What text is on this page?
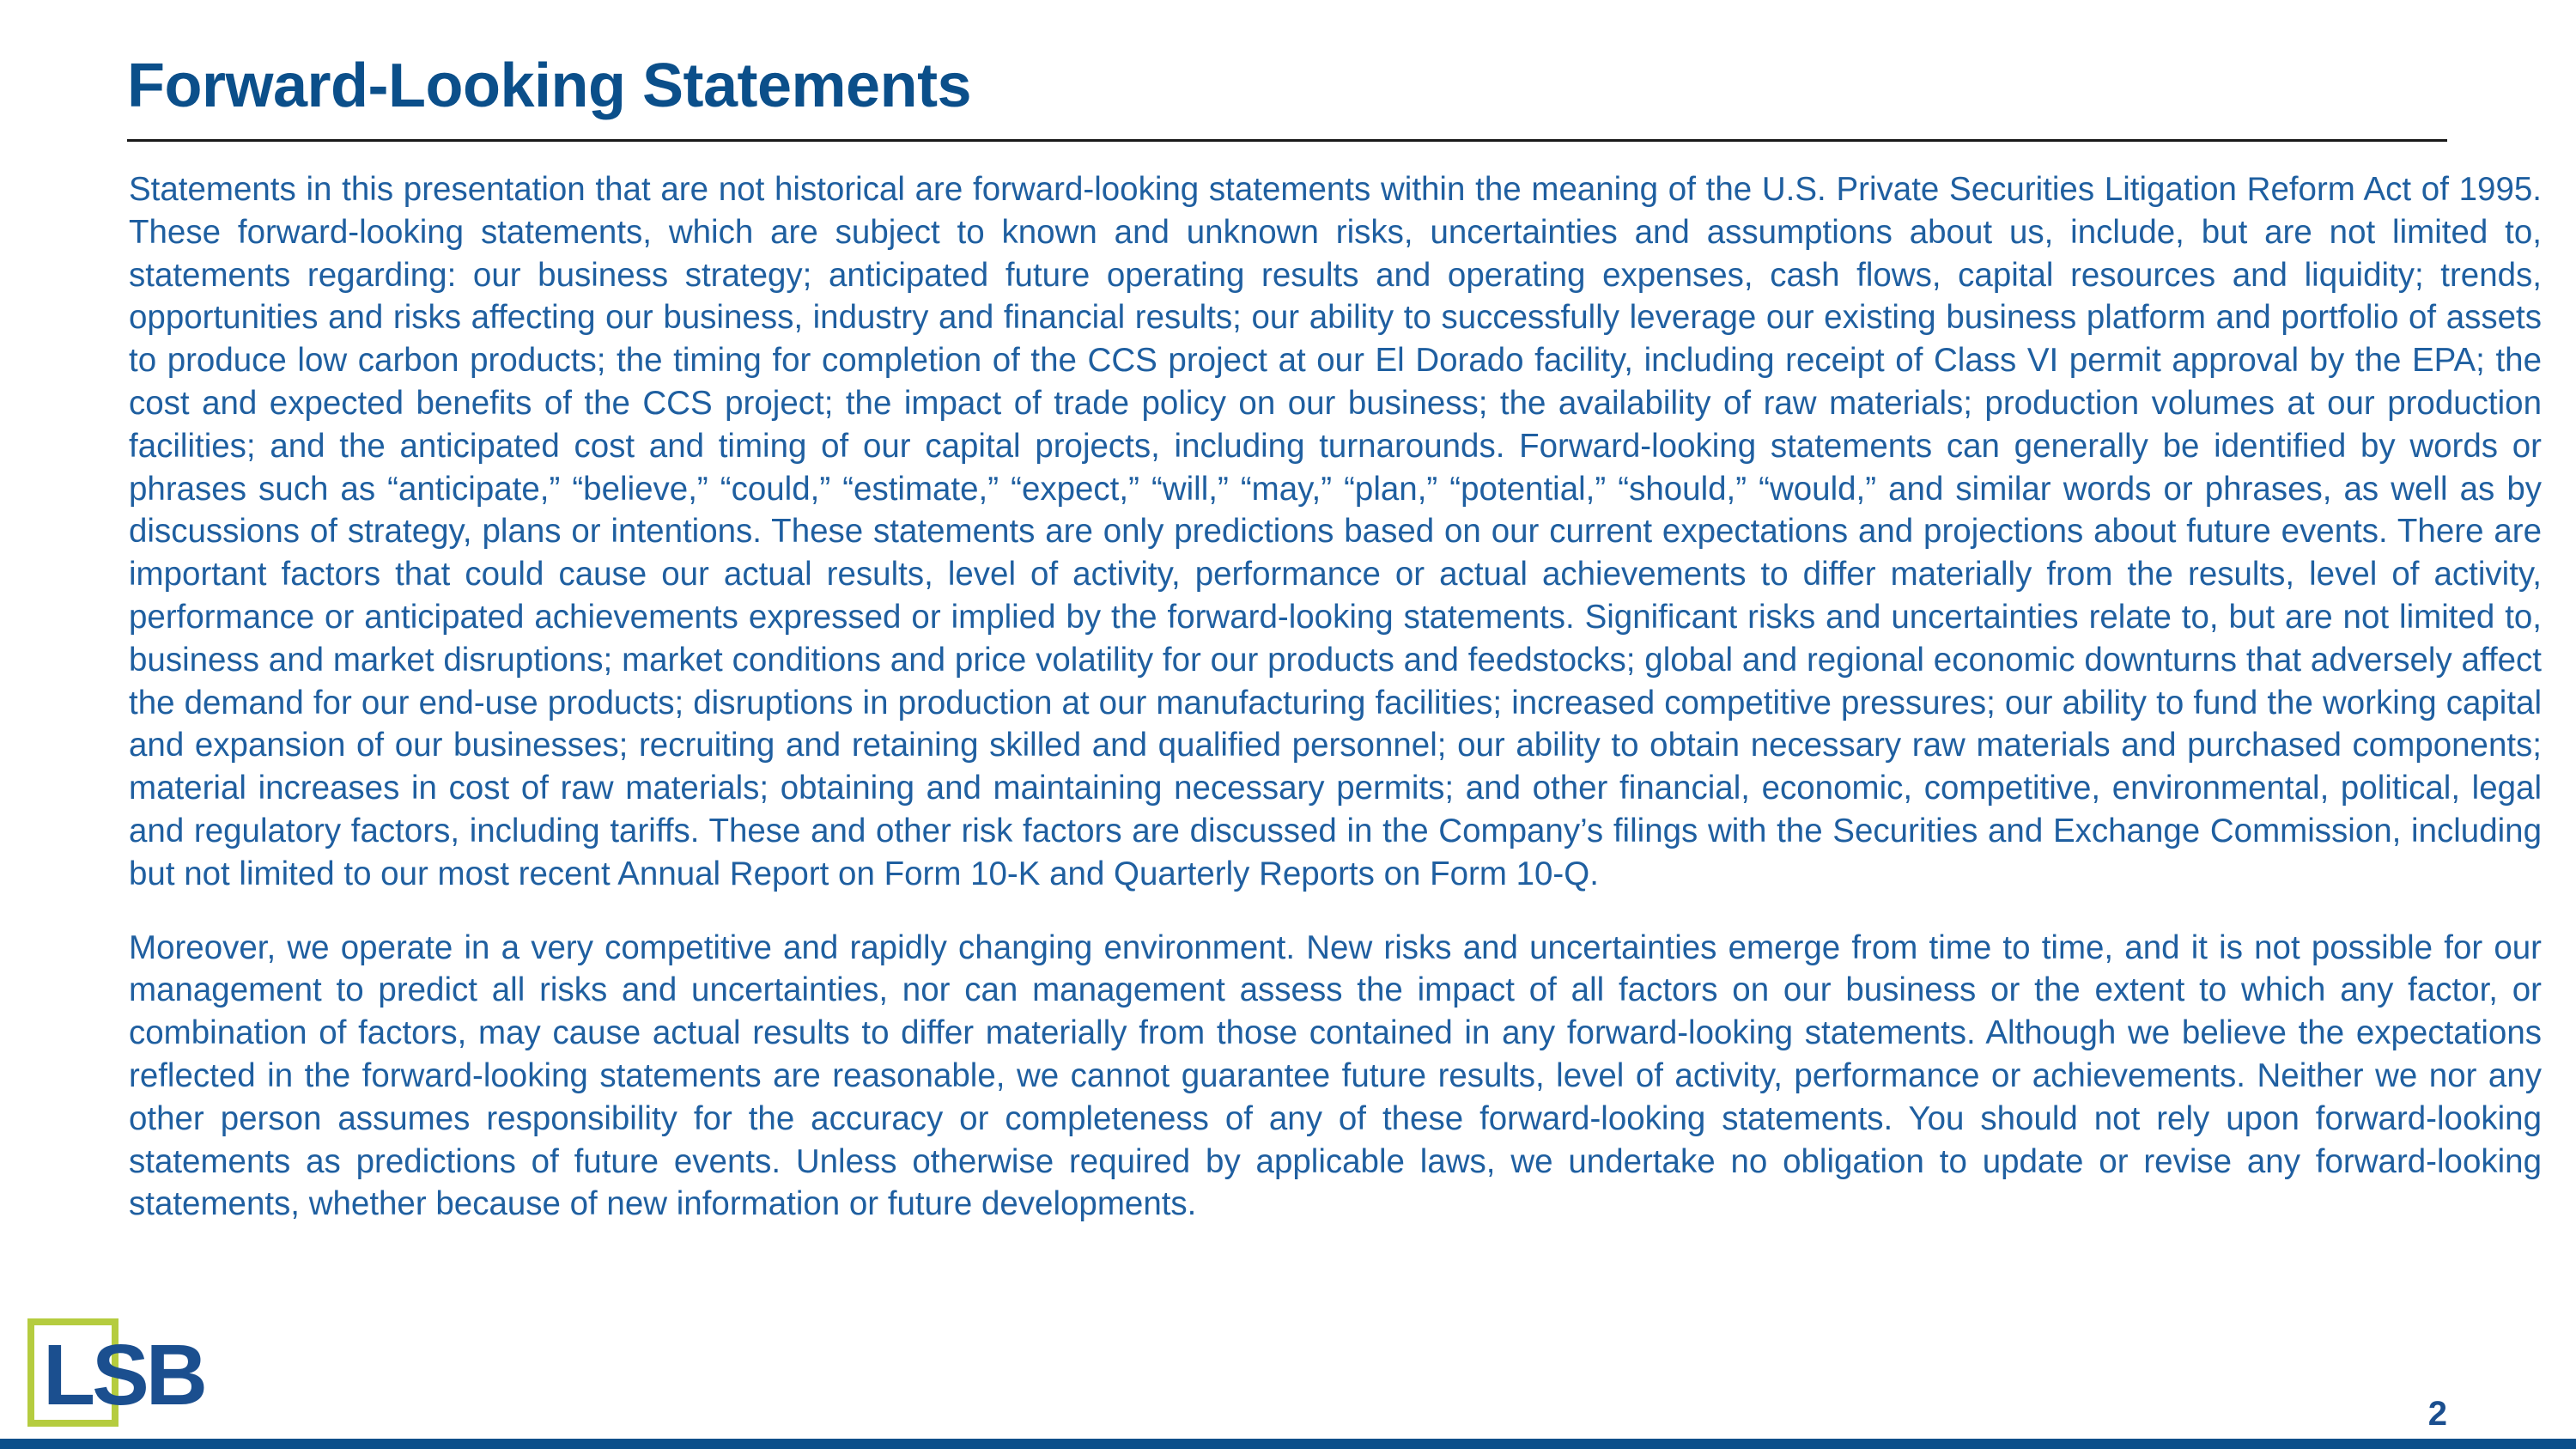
Forward-Looking Statements

Statements in this presentation that are not historical are forward-looking statements within the meaning of the U.S. Private Securities Litigation Reform Act of 1995. These forward-looking statements, which are subject to known and unknown risks, uncertainties and assumptions about us, include, but are not limited to, statements regarding: our business strategy; anticipated future operating results and operating expenses, cash flows, capital resources and liquidity; trends, opportunities and risks affecting our business, industry and financial results; our ability to successfully leverage our existing business platform and portfolio of assets to produce low carbon products; the timing for completion of the CCS project at our El Dorado facility, including receipt of Class VI permit approval by the EPA; the cost and expected benefits of the CCS project; the impact of trade policy on our business; the availability of raw materials; production volumes at our production facilities; and the anticipated cost and timing of our capital projects, including turnarounds. Forward-looking statements can generally be identified by words or phrases such as “anticipate,” “believe,” “could,” “estimate,” “expect,” “will,” “may,” “plan,” “potential,” “should,” “would,” and similar words or phrases, as well as by discussions of strategy, plans or intentions. These statements are only predictions based on our current expectations and projections about future events. There are important factors that could cause our actual results, level of activity, performance or actual achievements to differ materially from the results, level of activity, performance or anticipated achievements expressed or implied by the forward-looking statements. Significant risks and uncertainties relate to, but are not limited to, business and market disruptions; market conditions and price volatility for our products and feedstocks; global and regional economic downturns that adversely affect the demand for our end-use products; disruptions in production at our manufacturing facilities; increased competitive pressures; our ability to fund the working capital and expansion of our businesses; recruiting and retaining skilled and qualified personnel; our ability to obtain necessary raw materials and purchased components; material increases in cost of raw materials; obtaining and maintaining necessary permits; and other financial, economic, competitive, environmental, political, legal and regulatory factors, including tariffs. These and other risk factors are discussed in the Company’s filings with the Securities and Exchange Commission, including but not limited to our most recent Annual Report on Form 10-K and Quarterly Reports on Form 10-Q.

Moreover, we operate in a very competitive and rapidly changing environment. New risks and uncertainties emerge from time to time, and it is not possible for our management to predict all risks and uncertainties, nor can management assess the impact of all factors on our business or the extent to which any factor, or combination of factors, may cause actual results to differ materially from those contained in any forward-looking statements. Although we believe the expectations reflected in the forward-looking statements are reasonable, we cannot guarantee future results, level of activity, performance or achievements. Neither we nor any other person assumes responsibility for the accuracy or completeness of any of these forward-looking statements. You should not rely upon forward-looking statements as predictions of future events. Unless otherwise required by applicable laws, we undertake no obligation to update or revise any forward-looking statements, whether because of new information or future developments.

LSB	2
